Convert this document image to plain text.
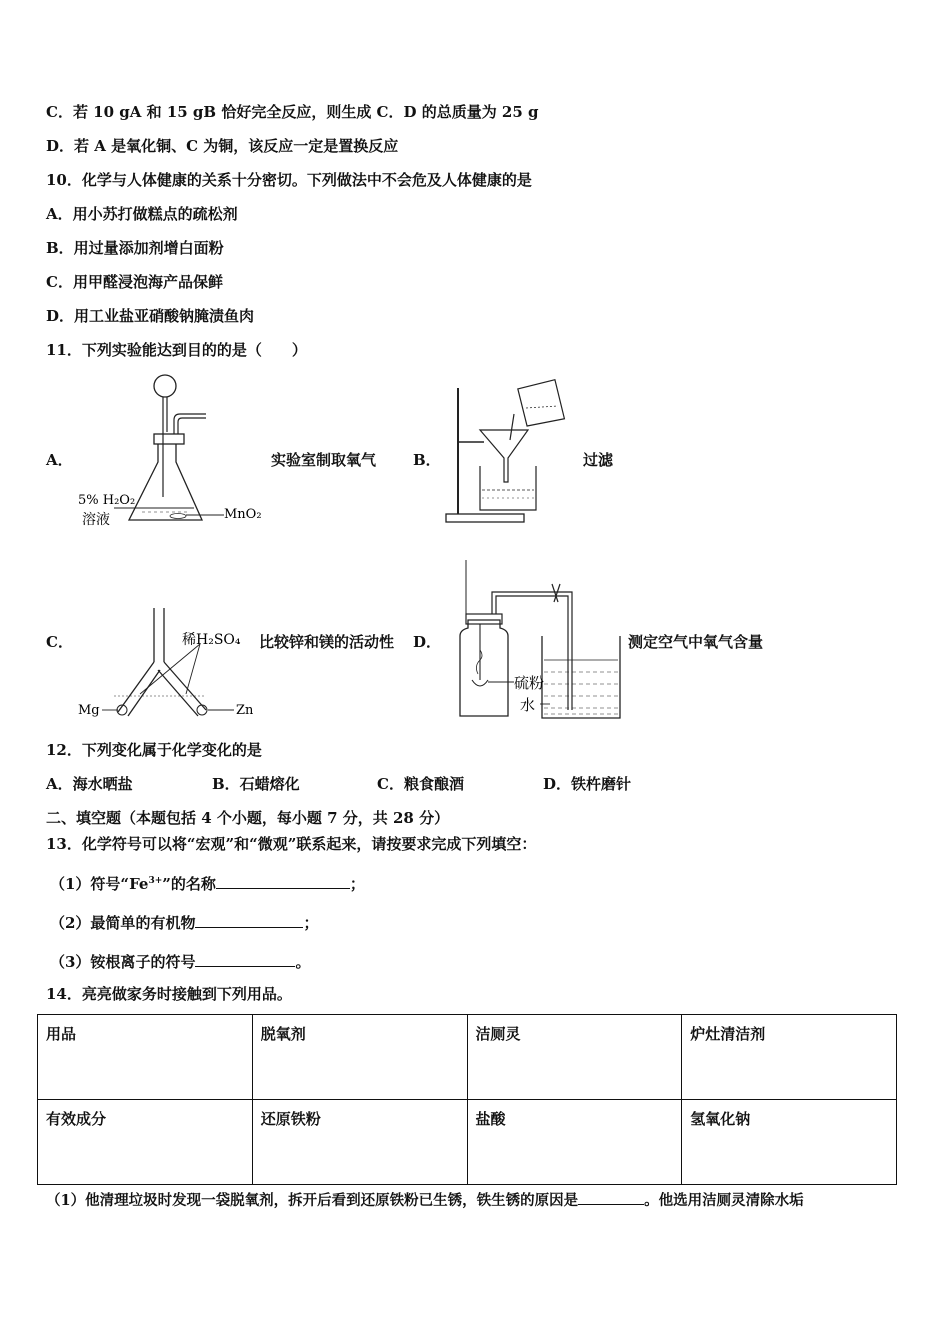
C．若 10 gA 和 15 gB 恰好完全反应，则生成 C．D 的总质量为 25 g
D．若 A 是氧化铜、C 为铜，该反应一定是置换反应
10．化学与人体健康的关系十分密切。下列做法中不会危及人体健康的是
A．用小苏打做糕点的疏松剂
B．用过量添加剂增白面粉
C．用甲醛浸泡海产品保鲜
D．用工业盐亚硝酸钠腌渍鱼肉
11．下列实验能达到目的的是（　　）
A．
5% H₂O₂
溶液	MnO₂
实验室制取氧气 B．	过滤
C．	稀H₂SO₄
Mg	Zn
比较锌和镁的活动性 D．
硫粉
水
测定空气中氧气含量
12．下列变化属于化学变化的是
A．海水晒盐	B．石蜡熔化	C．粮食酿酒	D．铁杵磨针
二、填空题（本题包括 4 个小题，每小题 7 分，共 28 分）
13．化学符号可以将“宏观”和“微观”联系起来，请按要求完成下列填空：
（1）符号“$Fe^{3+}$”的名称	；
（2）最简单的有机物	；
（3）铵根离子的符号	。
14．亮亮做家务时接触到下列用品。
用品	脱氧剂	洁厕灵	炉灶清洁剂
有效成分	还原铁粉	盐酸	氢氧化钠
（1）他清理垃圾时发现一袋脱氧剂，拆开后看到还原铁粉已生锈，铁生锈的原因是	。他选用洁厕灵清除水垢
